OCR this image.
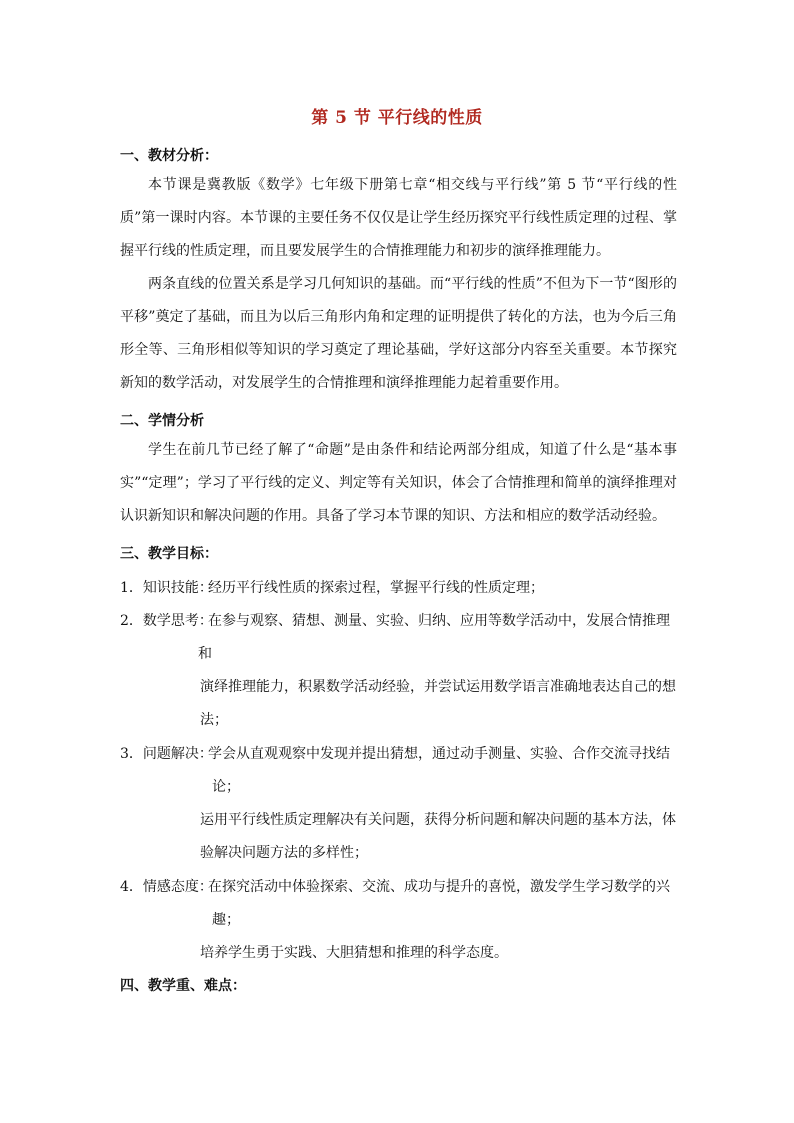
第 5 节 平行线的性质
一、教材分析：
本节课是冀教版《数学》七年级下册第七章“相交线与平行线”第 5 节“平行线的性质”第一课时内容。本节课的主要任务不仅仅是让学生经历探究平行线性质定理的过程、掌握平行线的性质定理，而且要发展学生的合情推理能力和初步的演绎推理能力。
两条直线的位置关系是学习几何知识的基础。而“平行线的性质”不但为下一节“图形的平移”奠定了基础，而且为以后三角形内角和定理的证明提供了转化的方法，也为今后三角形全等、三角形相似等知识的学习奠定了理论基础，学好这部分内容至关重要。本节探究新知的数学活动，对发展学生的合情推理和演绎推理能力起着重要作用。
二、学情分析
学生在前几节已经了解了“命题”是由条件和结论两部分组成，知道了什么是“基本事实”“定理”；学习了平行线的定义、判定等有关知识，体会了合情推理和简单的演绎推理对认识新知识和解决问题的作用。具备了学习本节课的知识、方法和相应的数学活动经验。
三、教学目标：
1．知识技能：
经历平行线性质的探索过程，掌握平行线的性质定理；
2．数学思考：
在参与观察、猜想、测量、实验、归纳、应用等数学活动中，发展合情推理
和
演绎推理能力，积累数学活动经验，并尝试运用数学语言准确地表达自己的想
法；
3．问题解决：
学会从直观观察中发现并提出猜想，通过动手测量、实验、合作交流寻找结
论；
运用平行线性质定理解决有关问题，获得分析问题和解决问题的基本方法，体
验解决问题方法的多样性；
4．情感态度：
在探究活动中体验探索、交流、成功与提升的喜悦，激发学生学习数学的兴
趣；
培养学生勇于实践、大胆猜想和推理的科学态度。
四、教学重、难点：
